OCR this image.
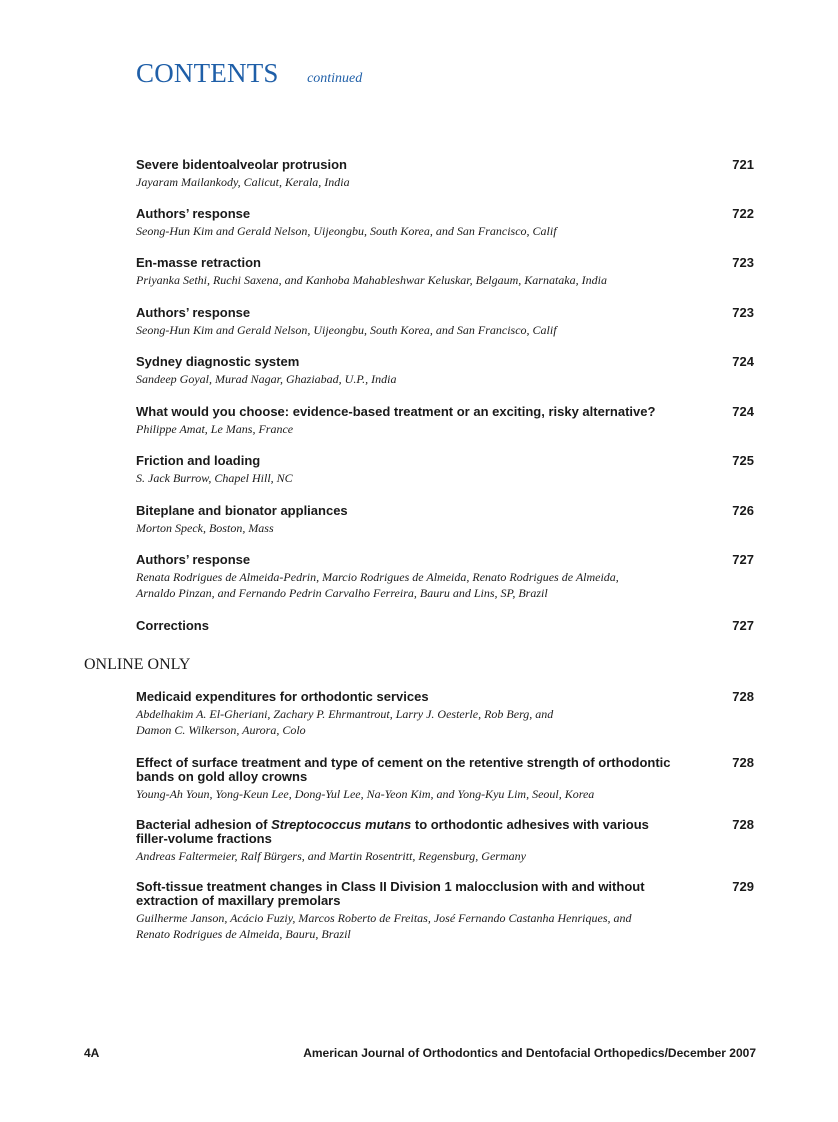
CONTENTS continued
Severe bidentoalveolar protrusion
Jayaram Mailankody, Calicut, Kerala, India
721
Authors’ response
Seong-Hun Kim and Gerald Nelson, Uijeongbu, South Korea, and San Francisco, Calif
722
En-masse retraction
Priyanka Sethi, Ruchi Saxena, and Kanhoba Mahableshwar Keluskar, Belgaum, Karnataka, India
723
Authors’ response
Seong-Hun Kim and Gerald Nelson, Uijeongbu, South Korea, and San Francisco, Calif
723
Sydney diagnostic system
Sandeep Goyal, Murad Nagar, Ghaziabad, U.P., India
724
What would you choose: evidence-based treatment or an exciting, risky alternative?
Philippe Amat, Le Mans, France
724
Friction and loading
S. Jack Burrow, Chapel Hill, NC
725
Biteplane and bionator appliances
Morton Speck, Boston, Mass
726
Authors’ response
Renata Rodrigues de Almeida-Pedrin, Marcio Rodrigues de Almeida, Renato Rodrigues de Almeida,
Arnaldo Pinzan, and Fernando Pedrin Carvalho Ferreira, Bauru and Lins, SP, Brazil
727
Corrections	727
ONLINE ONLY
Medicaid expenditures for orthodontic services
Abdelhakim A. El-Gheriani, Zachary P. Ehrmantrout, Larry J. Oesterle, Rob Berg, and
Damon C. Wilkerson, Aurora, Colo
728
Effect of surface treatment and type of cement on the retentive strength of orthodontic
bands on gold alloy crowns
Young-Ah Youn, Yong-Keun Lee, Dong-Yul Lee, Na-Yeon Kim, and Yong-Kyu Lim, Seoul, Korea
728
Bacterial adhesion of Streptococcus mutans to orthodontic adhesives with various
filler-volume fractions
Andreas Faltermeier, Ralf Bürgers, and Martin Rosentritt, Regensburg, Germany
728
Soft-tissue treatment changes in Class II Division 1 malocclusion with and without
extraction of maxillary premolars
Guilherme Janson, Acácio Fuziy, Marcos Roberto de Freitas, José Fernando Castanha Henriques, and
Renato Rodrigues de Almeida, Bauru, Brazil
729
4A	American Journal of Orthodontics and Dentofacial Orthopedics/December 2007
